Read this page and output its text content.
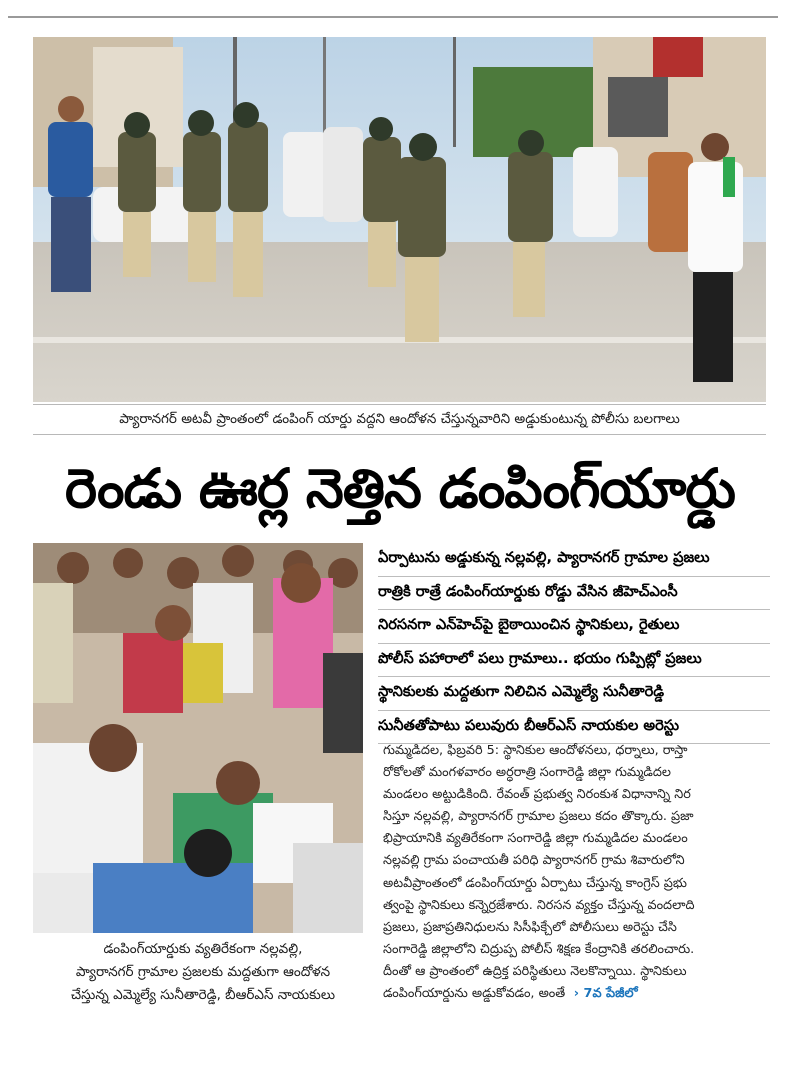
ప్యారానగర్ అటవీ ప్రాంతంలో డంపింగ్ యార్డు వద్దని ఆందోళన చేస్తున్నవారిని అడ్డుకుంటున్న పోలీసు బలగాలు
రెండు ఊర్ల నెత్తిన డంపింగ్‌యార్డు
డంపింగ్‌యార్డుకు వ్యతిరేకంగా నల్లవల్లి,
ప్యారానగర్ గ్రామాల ప్రజలకు మద్దతుగా ఆందోళన
చేస్తున్న ఎమ్మెల్యే సునీతారెడ్డి, బీఆర్ఎస్ నాయకులు
ఏర్పాటును అడ్డుకున్న నల్లవల్లి, ప్యారానగర్ గ్రామాల ప్రజలు
రాత్రికి రాత్రే డంపింగ్‌యార్డుకు రోడ్డు వేసిన జీహెచ్ఎంసీ
నిరసనగా ఎన్‌హెచ్‌పై బైఠాయించిన స్థానికులు, రైతులు
పోలీస్ పహారాలో పలు గ్రామాలు.. భయం గుప్పిట్లో ప్రజలు
స్థానికులకు మద్దతుగా నిలిచిన ఎమ్మెల్యే సునీతారెడ్డి
సునీతతోపాటు పలువురు బీఆర్ఎస్ నాయకుల అరెస్టు
గుమ్మడిదల, ఫిబ్రవరి 5: స్థానికుల ఆందోళనలు, ధర్నాలు, రాస్తా
రోకోలతో మంగళవారం అర్ధరాత్రి సంగారెడ్డి జిల్లా గుమ్మడిదల
మండలం అట్టుడికింది. రేవంత్ ప్రభుత్వ నిరంకుశ విధానాన్ని నిర
సిస్తూ నల్లవల్లి, ప్యారానగర్ గ్రామాల ప్రజలు కదం తొక్కారు. ప్రజా
భిప్రాయానికి వ్యతిరేకంగా సంగారెడ్డి జిల్లా గుమ్మడిదల మండలం
నల్లవల్లి గ్రామ పంచాయతీ పరిధి ప్యారానగర్ గ్రామ శివారులోని
అటవీప్రాంతంలో డంపింగ్‌యార్డు ఏర్పాటు చేస్తున్న కాంగ్రెస్ ప్రభు
త్వంపై స్థానికులు కన్నెర్రజేశారు. నిరసన వ్యక్తం చేస్తున్న వందలాది
ప్రజలు, ప్రజాప్రతినిధులను సిసీఫిక్చేలో పోలీసులు అరెస్టు చేసి
సంగారెడ్డి జిల్లాలోని చిద్రుప్ప పోలీస్ శిక్షణ కేంద్రానికి తరలించారు.
దీంతో ఆ ప్రాంతంలో ఉద్రిక్త పరిస్థితులు నెలకొన్నాయి. స్థానికులు
డంపింగ్‌యార్డును అడ్డుకోవడం, అంతే › 7వ పేజీలో
